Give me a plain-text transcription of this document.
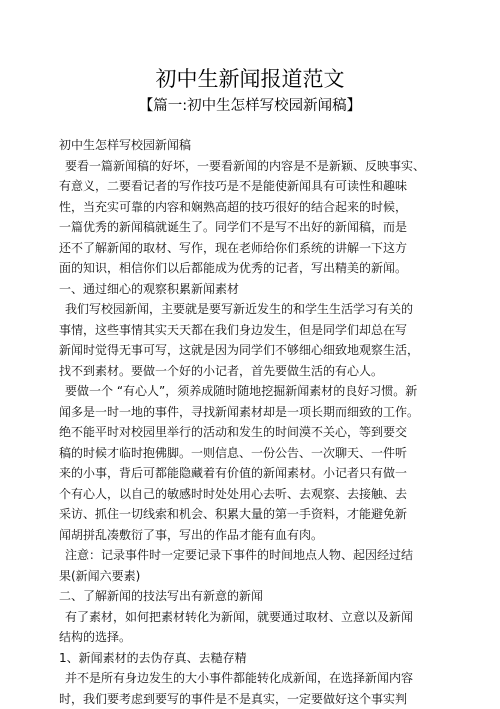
初中生新闻报道范文
【篇一:初中生怎样写校园新闻稿】
初中生怎样写校园新闻稿
要看一篇新闻稿的好坏，一要看新闻的内容是不是新颖、反映事实、
有意义，二要看记者的写作技巧是不是能使新闻具有可读性和趣味
性，当充实可靠的内容和娴熟高超的技巧很好的结合起来的时候，
一篇优秀的新闻稿就诞生了。同学们不是写不出好的新闻稿，而是
还不了解新闻的取材、写作，现在老师给你们系统的讲解一下这方
面的知识，相信你们以后都能成为优秀的记者，写出精美的新闻。
一、通过细心的观察积累新闻素材
我们写校园新闻，主要就是要写新近发生的和学生生活学习有关的
事情，这些事情其实天天都在我们身边发生，但是同学们却总在写
新闻时觉得无事可写，这就是因为同学们不够细心细致地观察生活，
找不到素材。要做一个好的小记者，首先要做生活的有心人。
要做一个 “有心人”，须养成随时随地挖掘新闻素材的良好习惯。新
闻多是一时一地的事件，寻找新闻素材却是一项长期而细致的工作。
绝不能平时对校园里举行的活动和发生的时间漠不关心，等到要交
稿的时候才临时抱佛脚。一则信息、一份公告、一次聊天、一件听
来的小事，背后可都能隐藏着有价值的新闻素材。小记者只有做一
个有心人，以自己的敏感时时处处用心去听、去观察、去接触、去
采访、抓住一切线索和机会、积累大量的第一手资料，才能避免新
闻胡拼乱凑敷衍了事，写出的作品才能有血有肉。
注意：记录事件时一定要记录下事件的时间地点人物、起因经过结
果(新闻六要素)
二、了解新闻的技法写出有新意的新闻
有了素材，如何把素材转化为新闻，就要通过取材、立意以及新闻
结构的选择。
1、新闻素材的去伪存真、去糙存精
并不是所有身边发生的大小事件都能转化成新闻，在选择新闻内容
时，我们要考虑到要写的事件是不是真实，一定要做好这个事实判
